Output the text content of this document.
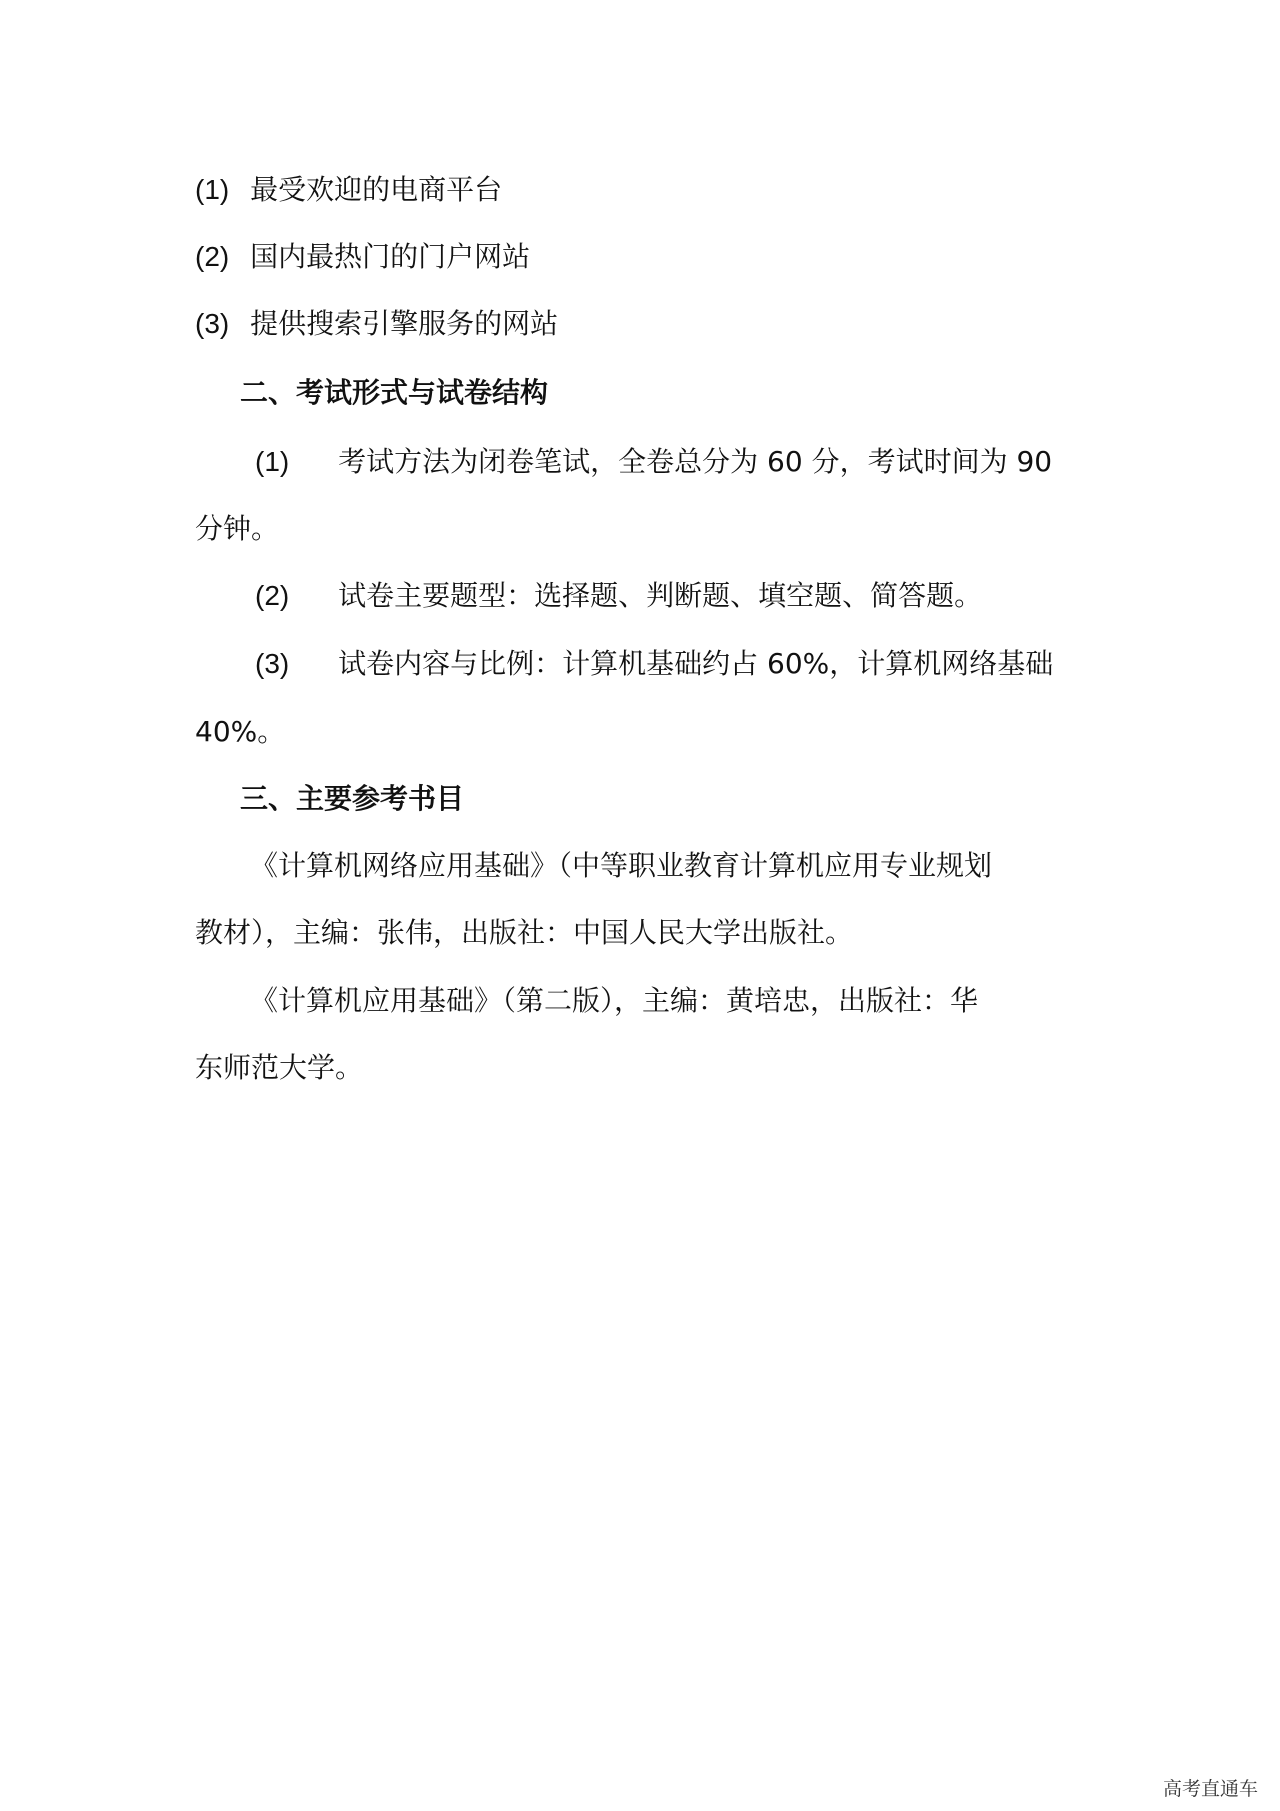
(1) 最受欢迎的电商平台
(2) 国内最热门的门户网站
(3) 提供搜索引擎服务的网站
二、考试形式与试卷结构
(1) 考试方法为闭卷笔试，全卷总分为 60 分，考试时间为 90
分钟。
(2) 试卷主要题型：选择题、判断题、填空题、简答题。
(3) 试卷内容与比例：计算机基础约占 60%，计算机网络基础
40%。
三、主要参考书目
《计算机网络应用基础》（中等职业教育计算机应用专业规划
教材），主编：张伟，出版社：中国人民大学出版社。
《计算机应用基础》（第二版），主编：黄培忠，出版社：华
东师范大学。
高考直通车
